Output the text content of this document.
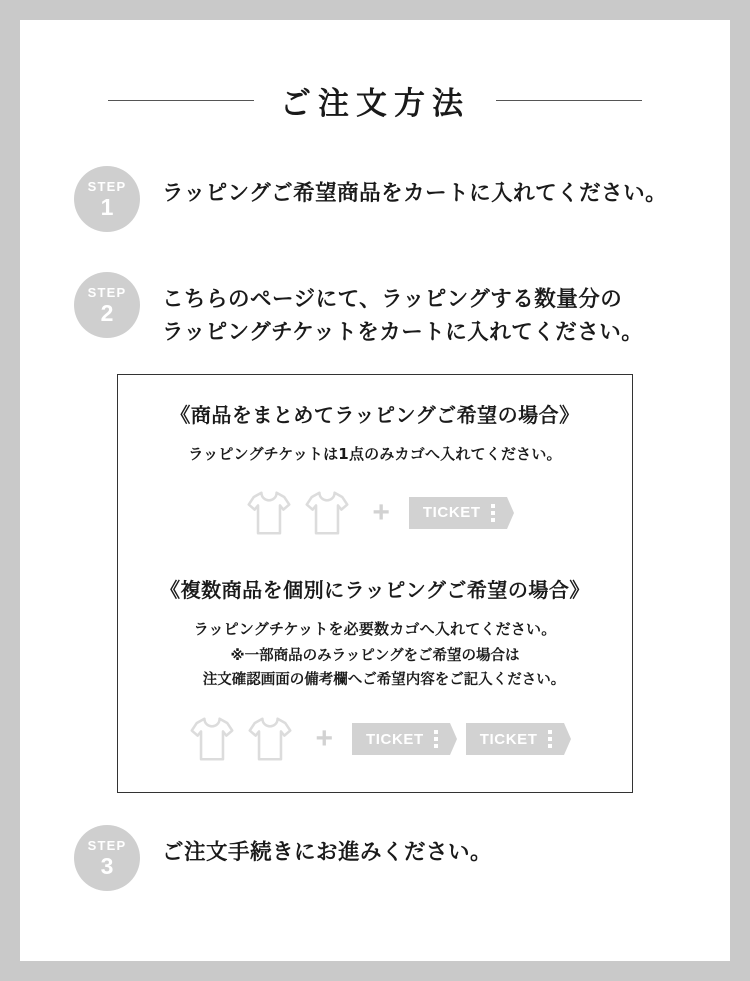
ご注文方法
STEP
1 ラッピングご希望商品をカートに入れてください。
STEP
2 こちらのページにて、ラッピングする数量分の
ラッピングチケットをカートに入れてください。
《商品をまとめてラッピングご希望の場合》
ラッピングチケットは1点のみカゴへ入れてください。
+ TICKET
《複数商品を個別にラッピングご希望の場合》
ラッピングチケットを必要数カゴへ入れてください。
※一部商品のみラッピングをご希望の場合は
注文確認画面の備考欄へご希望内容をご記入ください。
+ TICKET	TICKET
STEP
3 ご注文手続きにお進みください。
